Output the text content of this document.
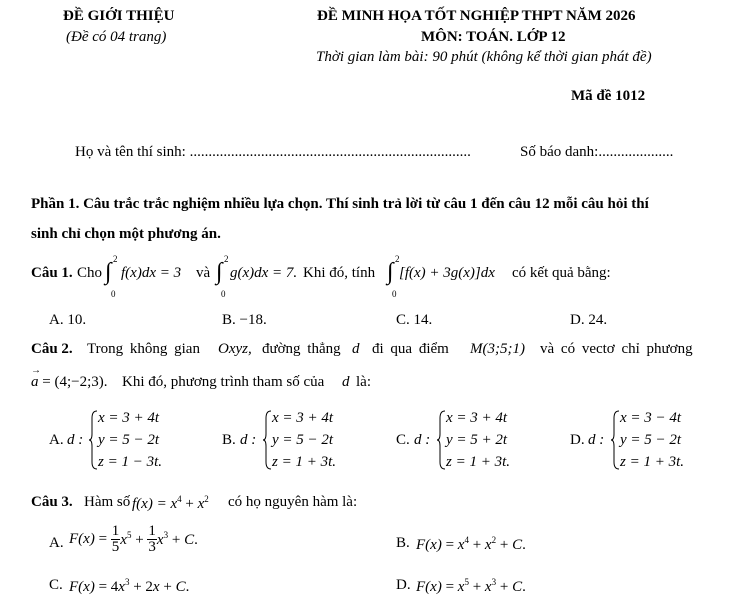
ĐỀ GIỚI THIỆU
(Đề có 04 trang)
ĐỀ MINH HỌA TỐT NGHIỆP THPT NĂM 2026
MÔN: TOÁN. LỚP 12
Thời gian làm bài: 90 phút (không kể thời gian phát đề)
Mã đề 1012
Họ và tên thí sinh: ...........................................................................	Số báo danh:....................
Phần 1. Câu trắc trắc nghiệm nhiều lựa chọn. Thí sinh trả lời từ câu 1 đến câu 12 mỗi câu hỏi thí
sinh chỉ chọn một phương án.
Câu 1. Cho ∫ 2
0
f(x)dx = 3 và ∫ 2
0
g(x)dx = 7. Khi đó, tính ∫ 2
0
[f(x) + 3g(x)]dx có kết quả bằng:
A. 10.	B. −18.	C. 14.	D. 24.
Câu 2. Trong không gian Oxyz, đường thẳng d đi qua điểm M(3;5;1) và có vectơ chỉ phương
a → = (4;−2;3). Khi đó, phương trình tham số của d là:
A. d :
x = 3 + 4t
y = 5 − 2t
z = 1 − 3t.
B. d :
x = 3 + 4t
y = 5 − 2t
z = 1 + 3t.
C. d :
x = 3 + 4t
y = 5 + 2t
z = 1 + 3t.
D. d :
x = 3 − 4t
y = 5 − 2t
z = 1 + 3t.
Câu 3. Hàm số $f(x) = x^4 + x^2$ có họ nguyên hàm là:
A. $F(x) = \frac{1}{5} x^5 + \frac{1}{3} x^3 + C$.	B. $F(x) = x^4 + x^2 + C$.
C. $F(x) = 4x^3 + 2x + C$.	D. $F(x) = x^5 + x^3 + C$.
